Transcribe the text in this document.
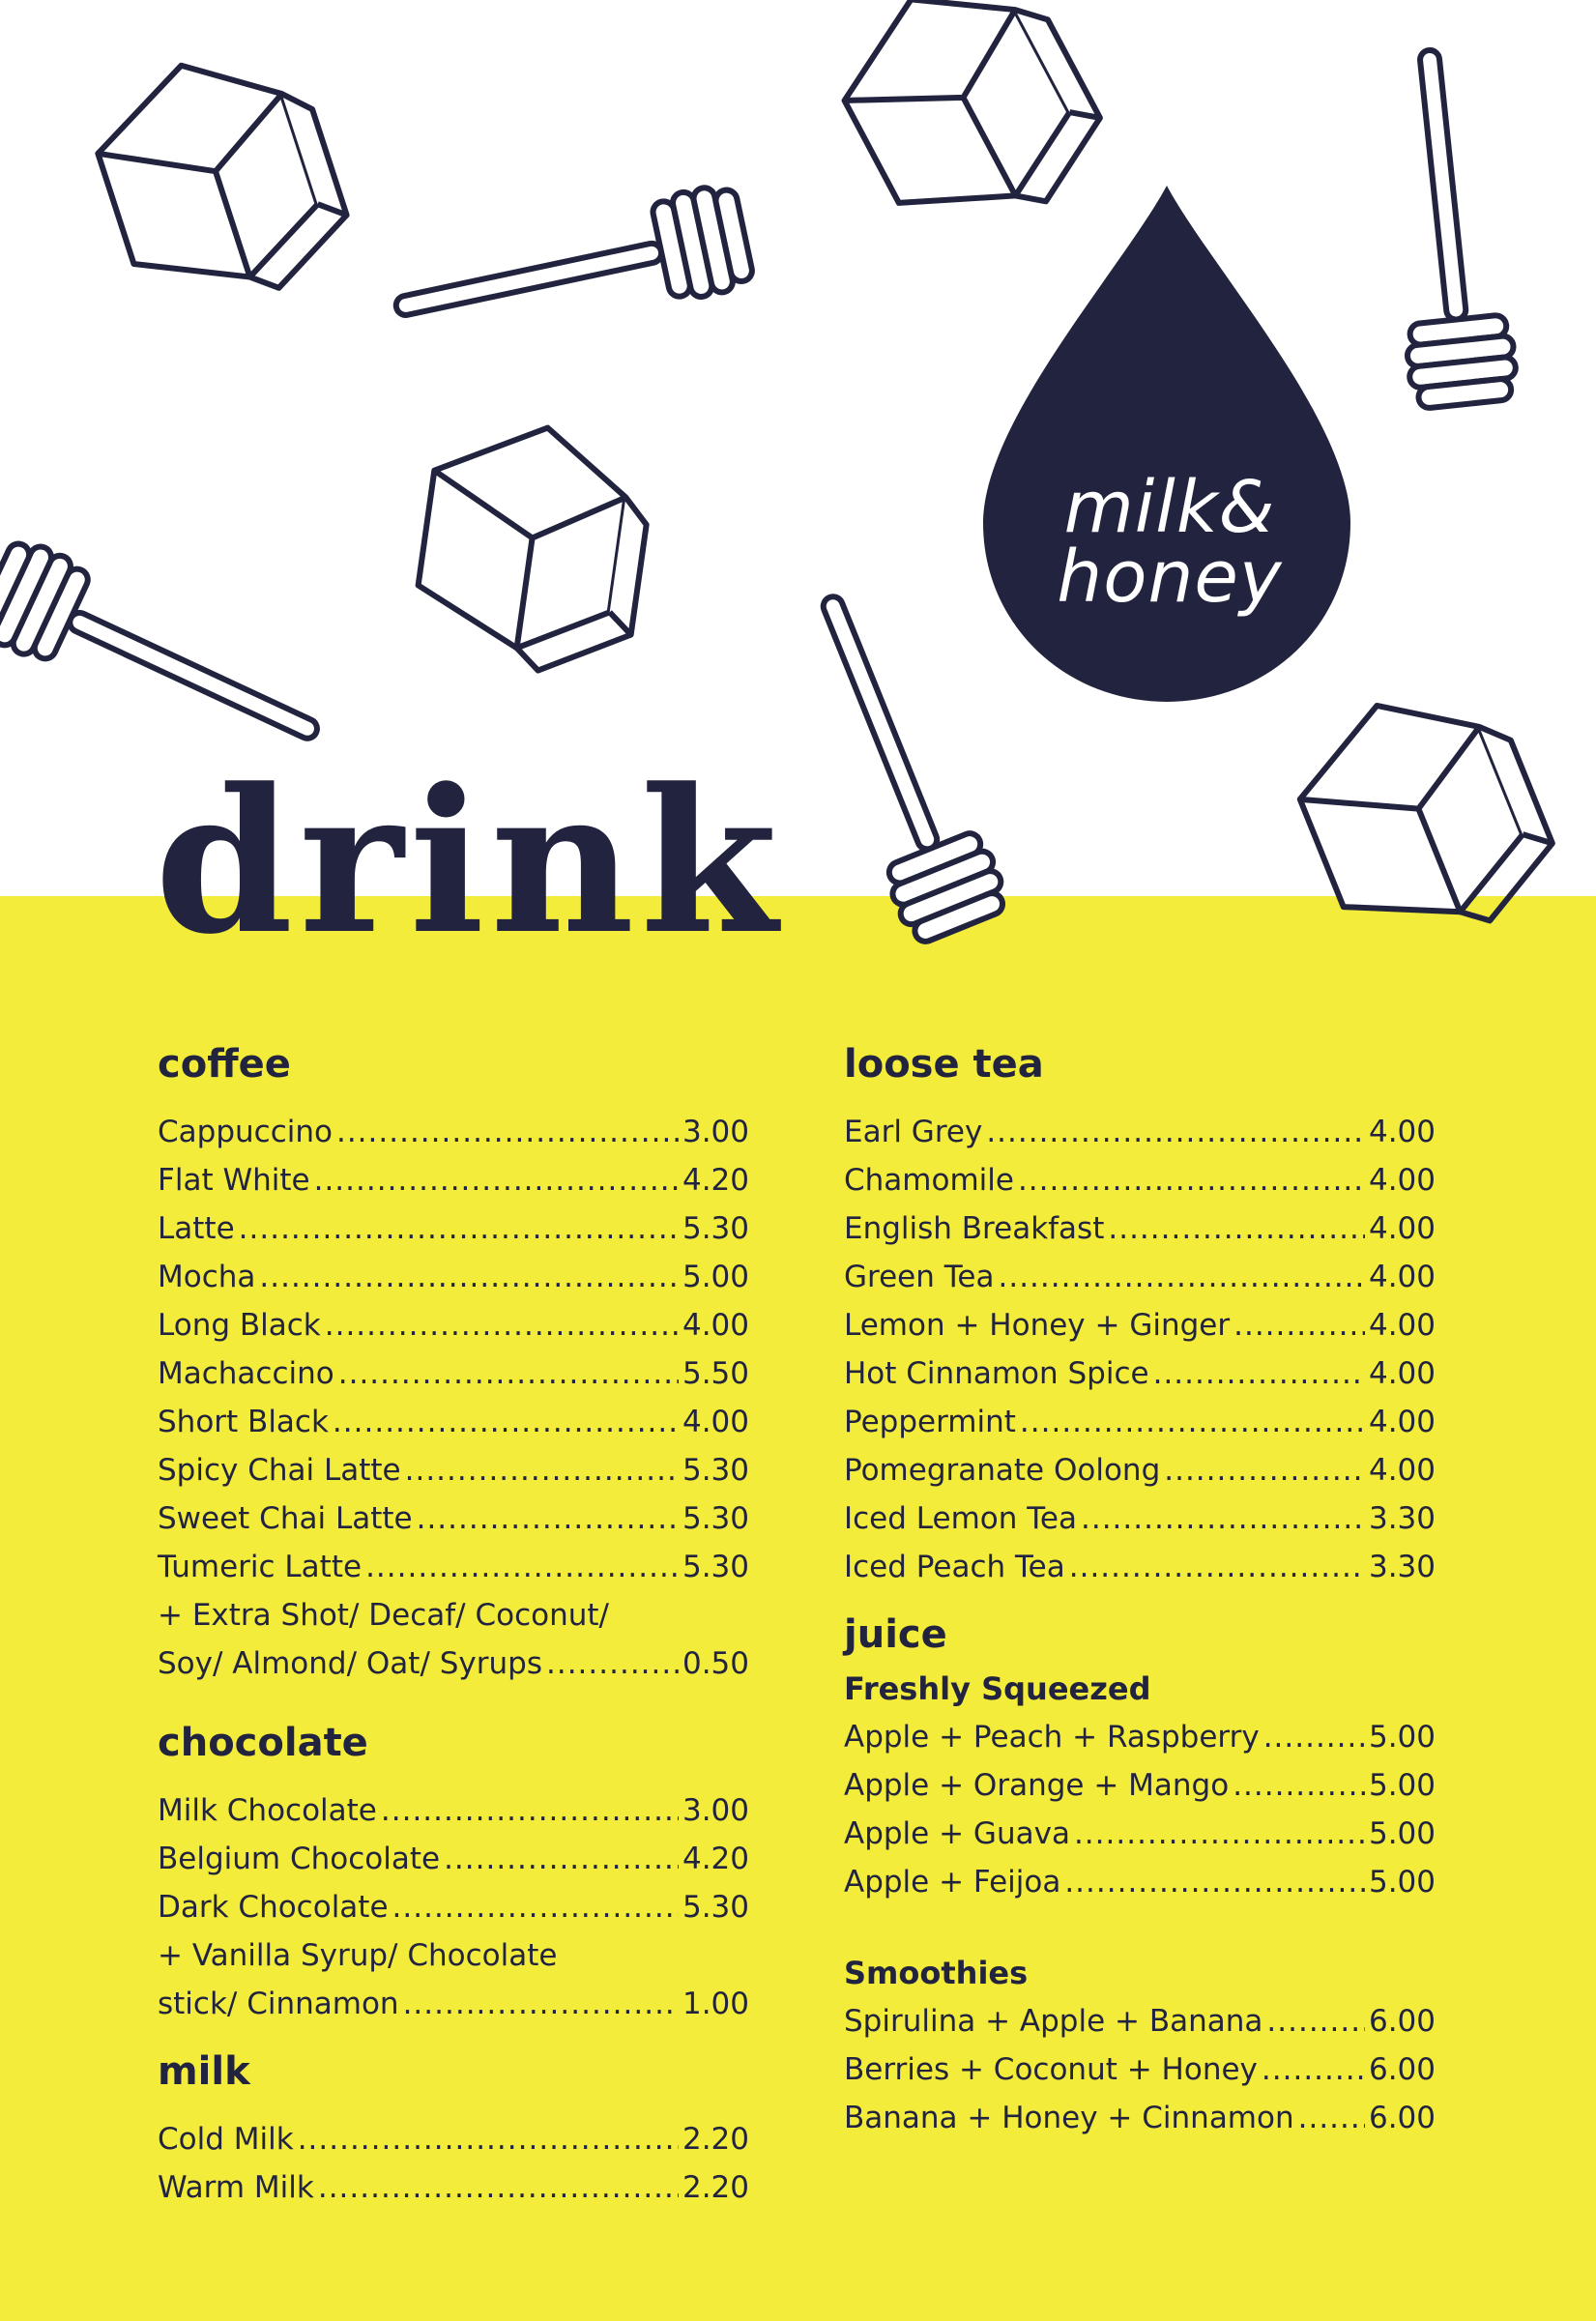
milk&
honey
drink
coffee
Cappuccino .....	3.00
Flat White .....	4.20
Latte .....	5.30
Mocha .....	5.00
Long Black .....	4.00
Machaccino .....	5.50
Short Black .....	4.00
Spicy Chai Latte .....	5.30
Sweet Chai Latte .....	5.30
Tumeric Latte .....	5.30
+ Extra Shot/ Decaf/ Coconut/
Soy/ Almond/ Oat/ Syrups .....	0.50
chocolate
Milk Chocolate .....	3.00
Belgium Chocolate .....	4.20
Dark Chocolate .....	5.30
+ Vanilla Syrup/ Chocolate
stick/ Cinnamon .....	1.00
milk
Cold Milk .....	2.20
Warm Milk .....	2.20
loose tea
Earl Grey .....	4.00
Chamomile .....	4.00
English Breakfast .....	4.00
Green Tea .....	4.00
Lemon + Honey + Ginger .....	4.00
Hot Cinnamon Spice .....	4.00
Peppermint .....	4.00
Pomegranate Oolong .....	4.00
Iced Lemon Tea .....	3.30
Iced Peach Tea .....	3.30
juice
Freshly Squeezed
Apple + Peach + Raspberry .....	5.00
Apple + Orange + Mango .....	5.00
Apple + Guava .....	5.00
Apple + Feijoa .....	5.00
Smoothies
Spirulina + Apple + Banana .....	6.00
Berries + Coconut + Honey .....	6.00
Banana + Honey + Cinnamon ..... 6.00
